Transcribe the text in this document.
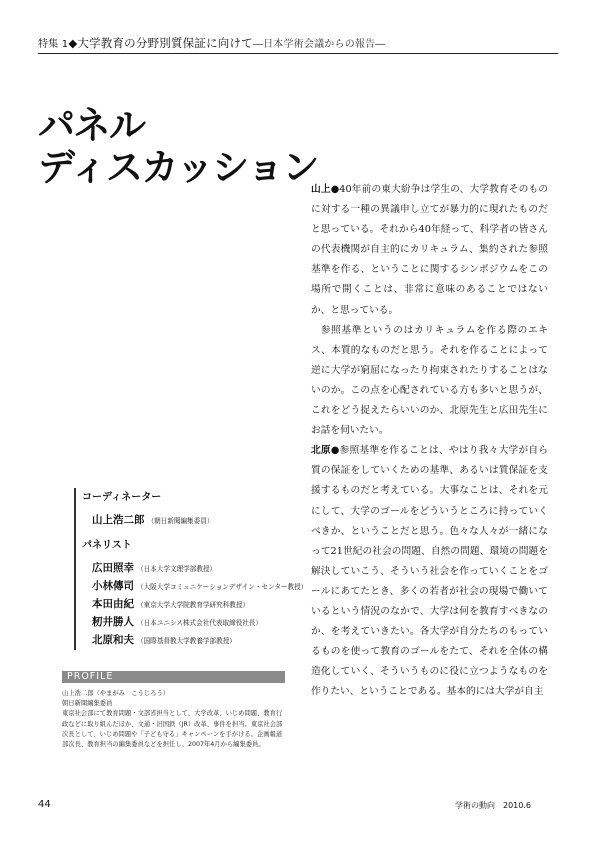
特集 1◆大学教育の分野別質保証に向けて―日本学術会議からの報告―
パネル
ディスカッション

山上●40年前の東大紛争は学生の、大学教育そのものに対する一種の異議申し立てが暴力的に現れたものだと思っている。それから40年経って、科学者の皆さんの代表機関が自主的にカリキュラム、集約された参照基準を作る、ということに関するシンポジウムをこの場所で開くことは、非常に意味のあることではないか、と思っている。

参照基準というのはカリキュラムを作る際のエキス、本質的なものだと思う。それを作ることによって逆に大学が窮屈になったり拘束されたりすることはないのか。この点を心配されている方も多いと思うが、これをどう捉えたらいいのか、北原先生と広田先生にお話を伺いたい。

北原●参照基準を作ることは、やはり我々大学が自ら質の保証をしていくための基準、あるいは質保証を支援するものだと考えている。大事なことは、それを元にして、大学のゴールをどういうところに持っていくべきか、ということだと思う。色々な人々が一緒になって21世紀の社会の問題、自然の問題、環境の問題を解決していこう、そういう社会を作っていくことをゴールにあてたとき、多くの若者が社会の現場で働いているという情況のなかで、大学は何を教育すべきなのか、を考えていきたい。各大学が自分たちのもっているものを使って教育のゴールをたて、それを全体の構造化していく、そういうものに役に立つようなものを作りたい、ということである。基本的には大学が自主

コーディネーター
山上浩二郎 （朝日新聞編集委員）
パネリスト
広田照幸 （日本大学文理学部教授）
小林傳司 （大阪大学コミュニケーションデザイン・センター教授）
本田由紀 （東京大学大学院教育学研究科教授）
籾井勝人 （日本ユニシス株式会社代表取締役社長）
北原和夫 （国際基督教大学教養学部教授）
PROFILE

山上浩二郎（やまがみ　こうじろう）

朝日新聞編集委員

東京社会部にて教育問題・文部省担当として、大学改革、いじめ問題、教育行政などに取り組んだほか、文通・旧国鉄（JR）改革、事件を担当。東京社会部次長として、いじめ問題や「子ども守る」キャンペーンを手がける。企画報道部次長、教育担当の編集委員などを担任し、2007年4月から編集委員。

44	学術の動向　2010.6
